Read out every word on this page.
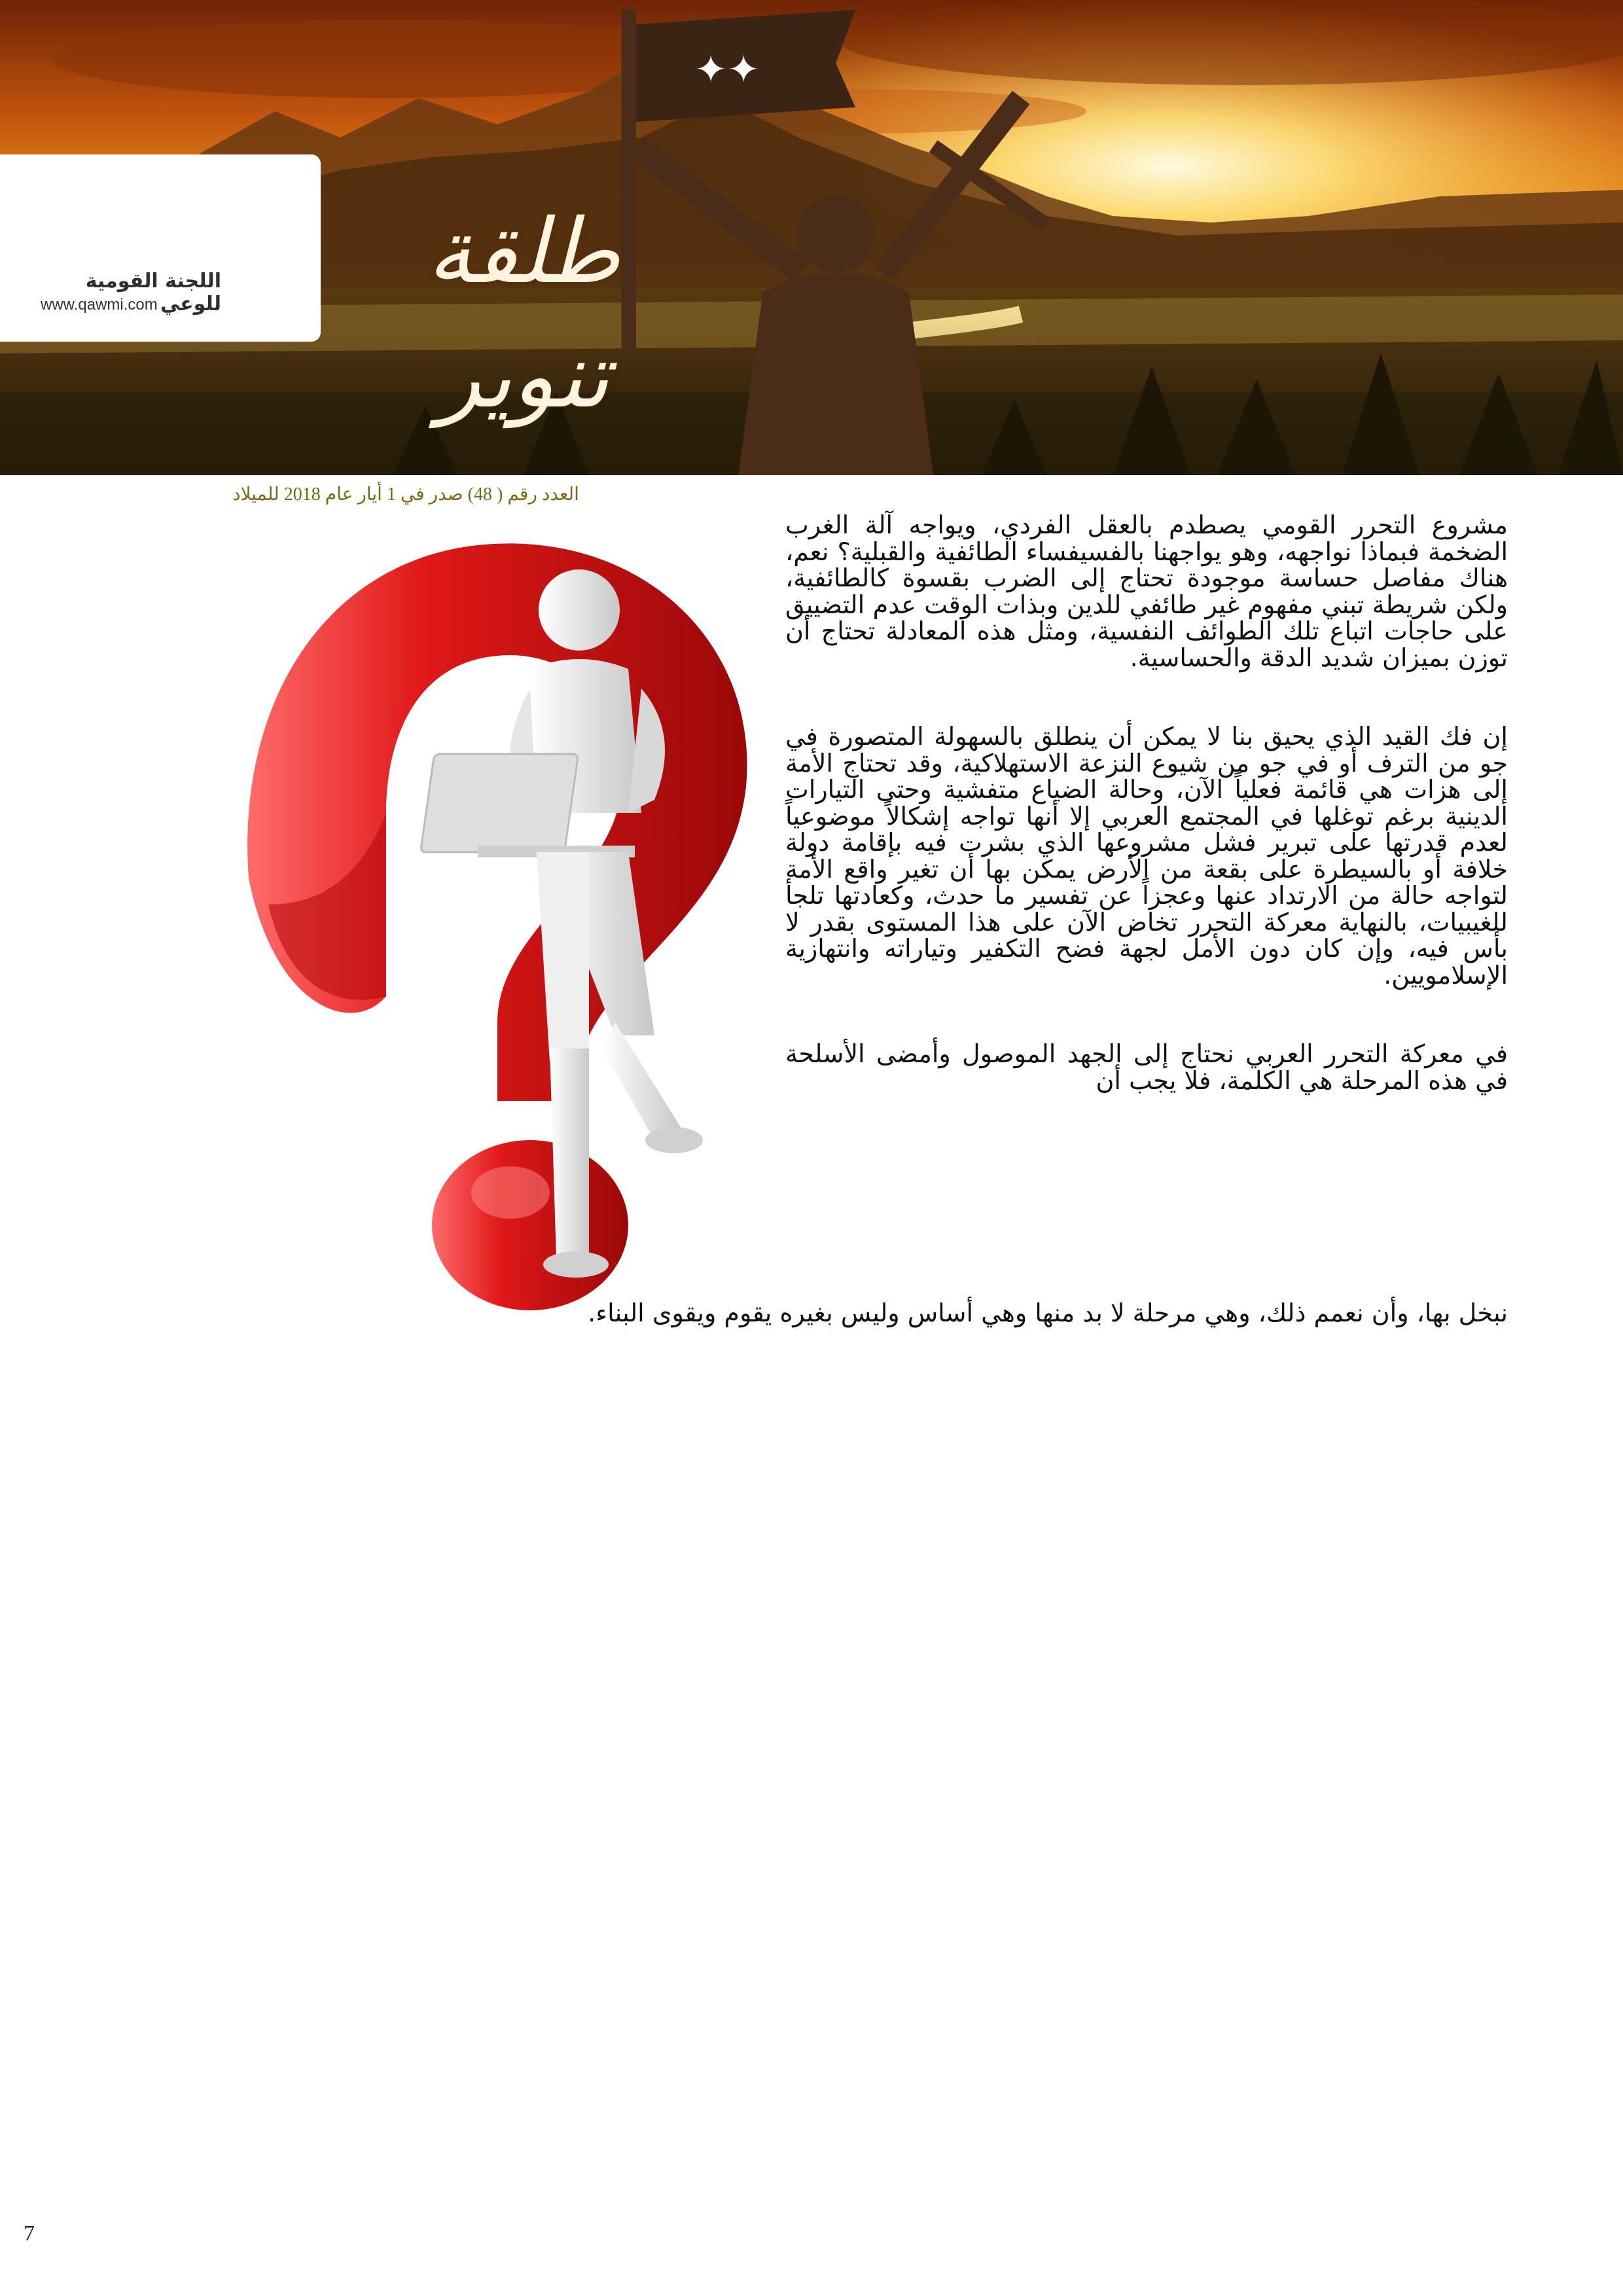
✦✦
اللجنة القومية للوعي
www.qawmi.com
طلقة تنوير
العدد رقم ( 48) صدر في 1 أيار عام 2018 للميلاد

مشروع التحرر القومي يصطدم بالعقل الفردي، ويواجه آلة الغرب الضخمة فبماذا نواجهه، وهو يواجهنا بالفسيفساء الطائفية والقبلية؟ نعم، هناك مفاصل حساسة موجودة تحتاج إلى الضرب بقسوة كالطائفية، ولكن شريطة تبني مفهوم غير طائفي للدين وبذات الوقت عدم التضييق على حاجات اتباع تلك الطوائف النفسية، ومثل هذه المعادلة تحتاج أن توزن بميزان شديد الدقة والحساسية.

إن فك القيد الذي يحيق بنا لا يمكن أن ينطلق بالسهولة المتصورة في جو من الترف أو في جو من شيوع النزعة الاستهلاكية، وقد تحتاج الأمة إلى هزات هي قائمة فعلياً الآن، وحالة الضياع متفشية وحتى التيارات الدينية برغم توغلها في المجتمع العربي إلا أنها تواجه إشكالاً موضوعياً لعدم قدرتها على تبرير فشل مشروعها الذي بشرت فيه بإقامة دولة خلافة أو بالسيطرة على بقعة من الأرض يمكن بها أن تغير واقع الأمة لتواجه حالة من الارتداد عنها وعجزاً عن تفسير ما حدث، وكعادتها تلجأ للغيبيات، بالنهاية معركة التحرر تخاض الآن على هذا المستوى بقدر لا بأس فيه، وإن كان دون الأمل لجهة فضح التكفير وتياراته وانتهازية الإسلامويين.

في معركة التحرر العربي نحتاج إلى الجهد الموصول وأمضى الأسلحة في هذه المرحلة هي الكلمة، فلا يجب أن

نبخل بها، وأن نعمم ذلك، وهي مرحلة لا بد منها وهي أساس وليس بغيره يقوم ويقوى البناء.

7
